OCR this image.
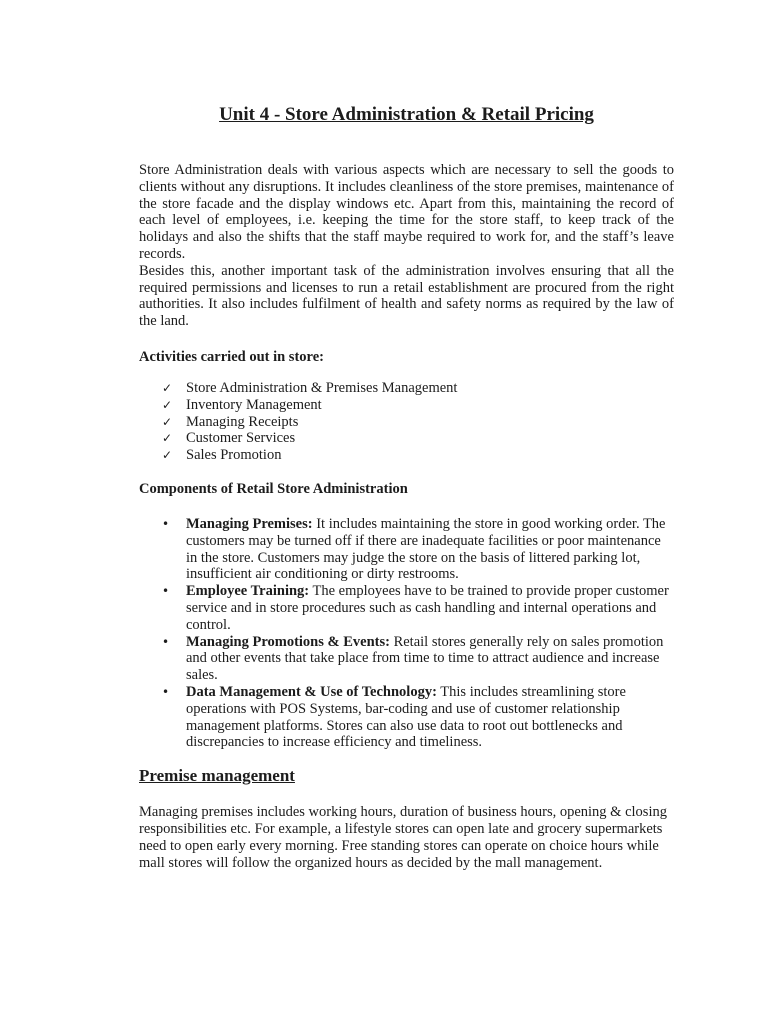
Unit 4 - Store Administration & Retail Pricing

Store Administration deals with various aspects which are necessary to sell the goods to clients without any disruptions. It includes cleanliness of the store premises, maintenance of the store facade and the display windows etc. Apart from this, maintaining the record of each level of employees, i.e. keeping the time for the store staff, to keep track of the holidays and also the shifts that the staff maybe required to work for, and the staff’s leave records.

Besides this, another important task of the administration involves ensuring that all the required permissions and licenses to run a retail establishment are procured from the right authorities. It also includes fulfilment of health and safety norms as required by the law of the land.

Activities carried out in store:
✓ Store Administration & Premises Management
✓ Inventory Management
✓ Managing Receipts
✓ Customer Services
✓ Sales Promotion
Components of Retail Store Administration
•	Managing Premises: It includes maintaining the store in good working order. The customers may be turned off if there are inadequate facilities or poor maintenance in the store. Customers may judge the store on the basis of littered parking lot, insufficient air conditioning or dirty restrooms.
•	Employee Training: The employees have to be trained to provide proper customer service and in store procedures such as cash handling and internal operations and control.
•	Managing Promotions & Events: Retail stores generally rely on sales promotion and other events that take place from time to time to attract audience and increase sales.
•	Data Management & Use of Technology: This includes streamlining store operations with POS Systems, bar-coding and use of customer relationship management platforms. Stores can also use data to root out bottlenecks and discrepancies to increase efficiency and timeliness.
Premise management

Managing premises includes working hours, duration of business hours, opening & closing responsibilities etc. For example, a lifestyle stores can open late and grocery supermarkets need to open early every morning. Free standing stores can operate on choice hours while mall stores will follow the organized hours as decided by the mall management.
